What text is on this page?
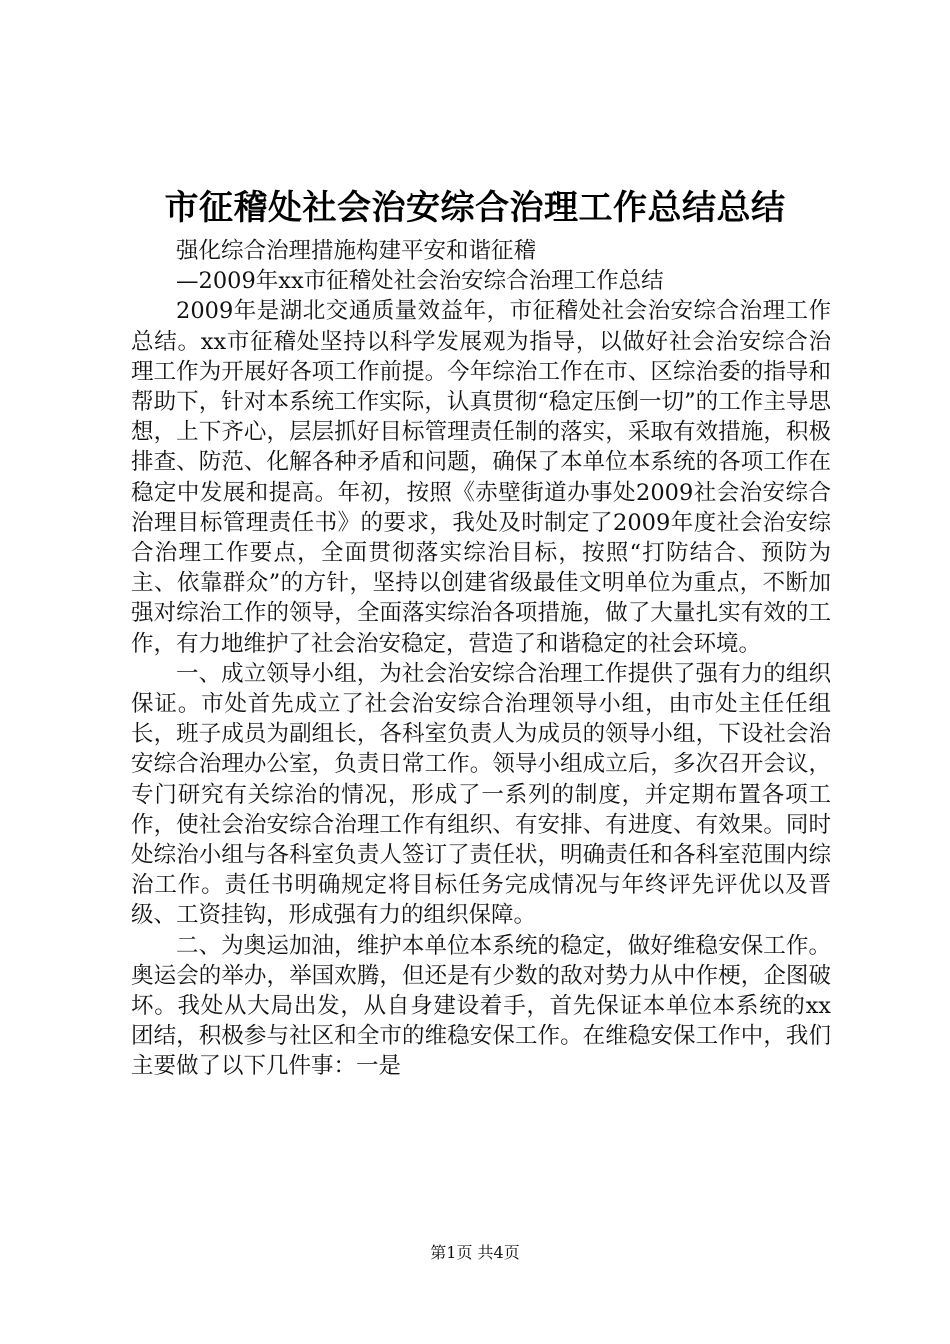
市征稽处社会治安综合治理工作总结总结

强化综合治理措施构建平安和谐征稽

—2009年xx市征稽处社会治安综合治理工作总结

2009年是湖北交通质量效益年，市征稽处社会治安综合治理工作总结。xx市征稽处坚持以科学发展观为指导，以做好社会治安综合治理工作为开展好各项工作前提。今年综治工作在市、区综治委的指导和帮助下，针对本系统工作实际，认真贯彻“稳定压倒一切”的工作主导思想，上下齐心，层层抓好目标管理责任制的落实，采取有效措施，积极排查、防范、化解各种矛盾和问题，确保了本单位本系统的各项工作在稳定中发展和提高。年初，按照《赤壁街道办事处2009社会治安综合治理目标管理责任书》的要求，我处及时制定了2009年度社会治安综合治理工作要点，全面贯彻落实综治目标，按照“打防结合、预防为主、依靠群众”的方针，坚持以创建省级最佳文明单位为重点，不断加强对综治工作的领导，全面落实综治各项措施，做了大量扎实有效的工作，有力地维护了社会治安稳定，营造了和谐稳定的社会环境。

一、成立领导小组，为社会治安综合治理工作提供了强有力的组织保证。市处首先成立了社会治安综合治理领导小组，由市处主任任组长，班子成员为副组长，各科室负责人为成员的领导小组，下设社会治安综合治理办公室，负责日常工作。领导小组成立后，多次召开会议，专门研究有关综治的情况，形成了一系列的制度，并定期布置各项工作，使社会治安综合治理工作有组织、有安排、有进度、有效果。同时处综治小组与各科室负责人签订了责任状，明确责任和各科室范围内综治工作。责任书明确规定将目标任务完成情况与年终评先评优以及晋级、工资挂钩，形成强有力的组织保障。

二、为奥运加油，维护本单位本系统的稳定，做好维稳安保工作。奥运会的举办，举国欢腾，但还是有少数的敌对势力从中作梗，企图破坏。我处从大局出发，从自身建设着手，首先保证本单位本系统的xx团结，积极参与社区和全市的维稳安保工作。在维稳安保工作中，我们主要做了以下几件事：一是

第1页 共4页
